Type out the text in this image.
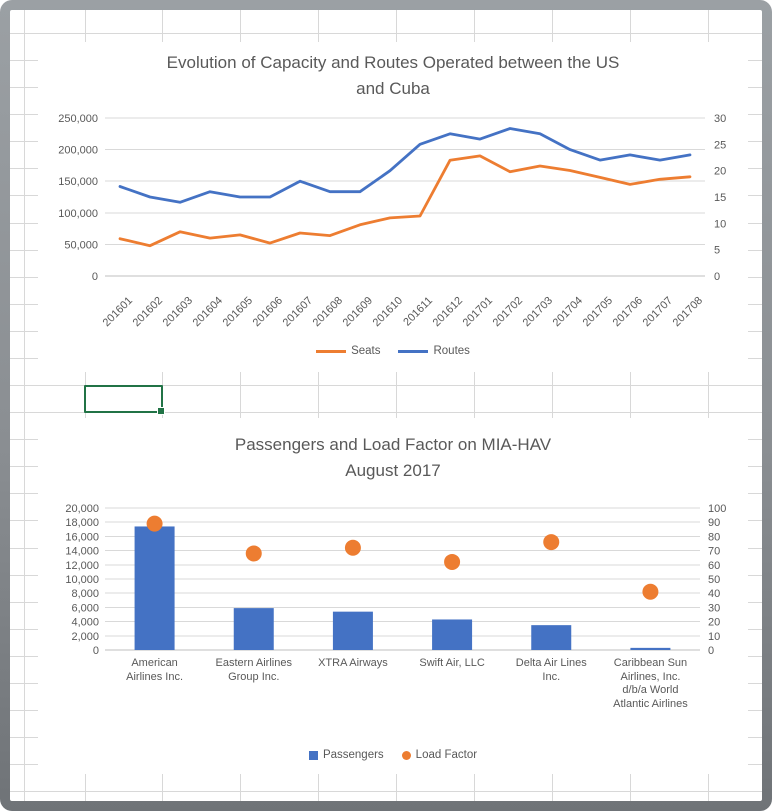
Evolution of Capacity and Routes Operated between the US
and Cuba
0
50,000
100,000
150,000
200,000
250,000
0
5
10
15
20
25
30
201601
201602
201603
201604
201605
201606
201607
201608
201609
201610
201611
201612
201701
201702
201703
201704
201705
201706
201707
201708
Seats	Routes
Passengers and Load Factor on MIA-HAV
August 2017
0
2,000
4,000
6,000
8,000
10,000
12,000
14,000
16,000
18,000
20,000
0
10
20
30
40
50
60
70
80
90
100
American
Airlines Inc.
Eastern Airlines
Group Inc.
XTRA Airways	Swift Air, LLC	Delta Air Lines
Inc.
Caribbean Sun
Airlines, Inc.
d/b/a World
Atlantic Airlines
Passengers	Load Factor
